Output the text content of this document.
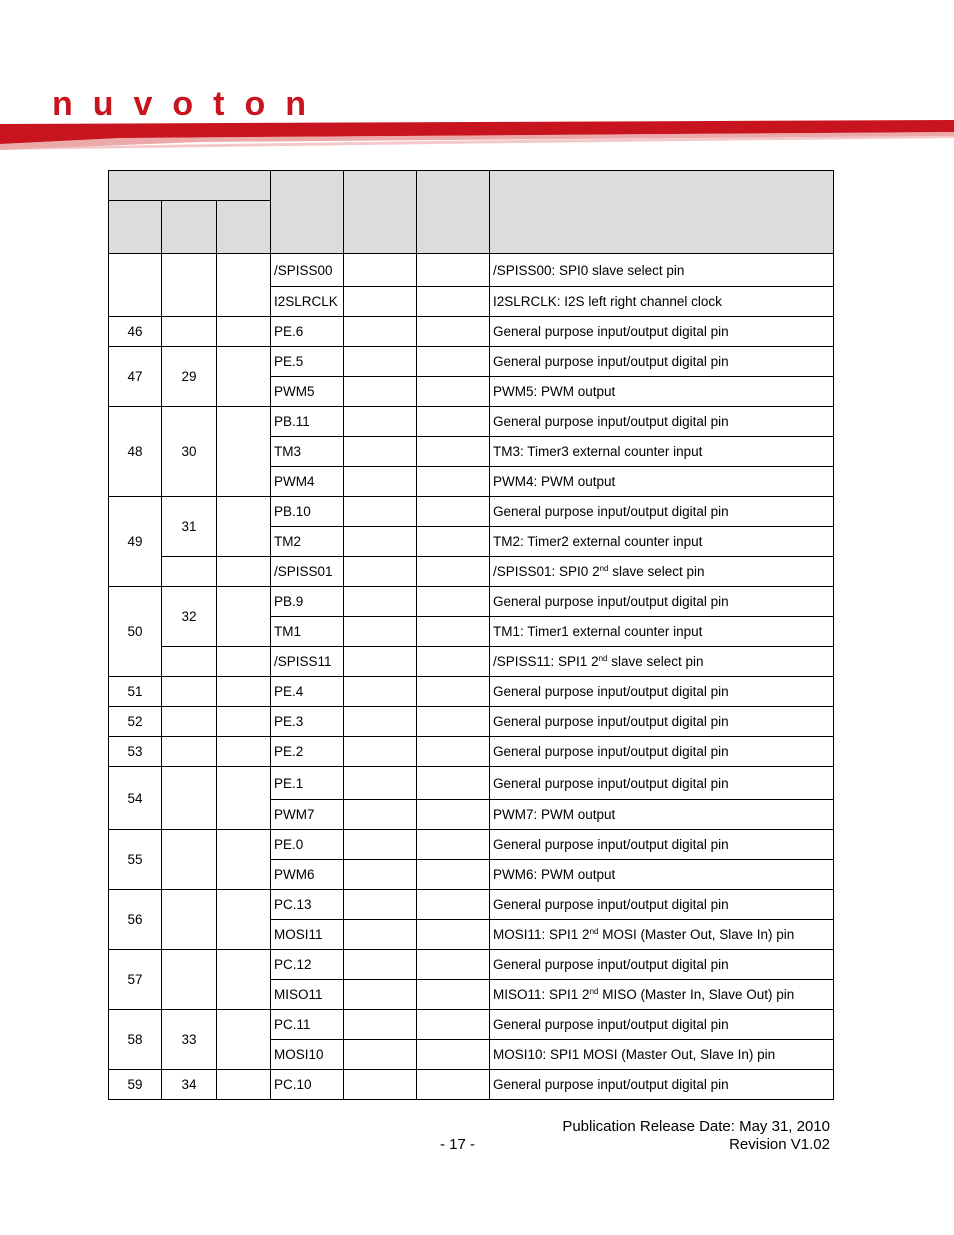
nuvoton

			/SPISS00			/SPISS00: SPI0 slave select pin
			I2SLRCLK			I2SLRCLK: I2S left right channel clock
46			PE.6			General purpose input/output digital pin
47	29		PE.5			General purpose input/output digital pin
			PWM5			PWM5: PWM output
48	30		PB.11			General purpose input/output digital pin
			TM3			TM3: Timer3 external counter input
			PWM4			PWM4: PWM output
49	31		PB.10			General purpose input/output digital pin
			TM2			TM2: Timer2 external counter input
			/SPISS01			/SPISS01: SPI0 2nd slave select pin
50	32		PB.9			General purpose input/output digital pin
			TM1			TM1: Timer1 external counter input
			/SPISS11			/SPISS11: SPI1 2nd slave select pin
51			PE.4			General purpose input/output digital pin
52			PE.3			General purpose input/output digital pin
53			PE.2			General purpose input/output digital pin
54			PE.1			General purpose input/output digital pin
			PWM7			PWM7: PWM output
55			PE.0			General purpose input/output digital pin
			PWM6			PWM6: PWM output
56			PC.13			General purpose input/output digital pin
			MOSI11			MOSI11: SPI1 2nd MOSI (Master Out, Slave In) pin
57			PC.12			General purpose input/output digital pin
			MISO11			MISO11: SPI1 2nd MISO (Master In, Slave Out) pin
58	33		PC.11			General purpose input/output digital pin
			MOSI10			MOSI10: SPI1 MOSI (Master Out, Slave In) pin
59	34		PC.10			General purpose input/output digital pin
Publication Release Date: May 31, 2010
- 17 -	Revision V1.02
